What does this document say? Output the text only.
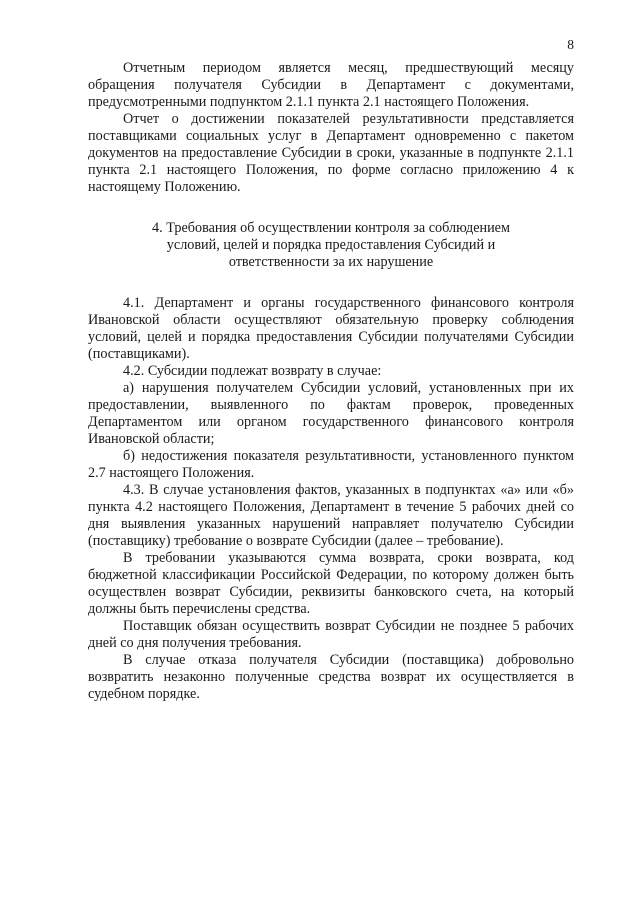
8

Отчетным периодом является месяц, предшествующий месяцу обращения получателя Субсидии в Департамент с документами, предусмотренными подпунктом 2.1.1 пункта 2.1 настоящего Положения.

Отчет о достижении показателей результативности представляется поставщиками социальных услуг в Департамент одновременно с пакетом документов на предоставление Субсидии в сроки, указанные в подпункте 2.1.1 пункта 2.1 настоящего Положения, по форме согласно приложению 4 к настоящему Положению.

4. Требования об осуществлении контроля за соблюдением
условий, целей и порядка предоставления Субсидий и
ответственности за их нарушение

4.1. Департамент и органы государственного финансового контроля Ивановской области осуществляют обязательную проверку соблюдения условий, целей и порядка предоставления Субсидии получателями Субсидии (поставщиками).

4.2. Субсидии подлежат возврату в случае:

а) нарушения получателем Субсидии условий, установленных при их предоставлении, выявленного по фактам проверок, проведенных Департаментом или органом государственного финансового контроля Ивановской области;

б) недостижения показателя результативности, установленного пунктом 2.7 настоящего Положения.

4.3. В случае установления фактов, указанных в подпунктах «а» или «б» пункта 4.2 настоящего Положения, Департамент в течение 5 рабочих дней со дня выявления указанных нарушений направляет получателю Субсидии (поставщику) требование о возврате Субсидии (далее – требование).

В требовании указываются сумма возврата, сроки возврата, код бюджетной классификации Российской Федерации, по которому должен быть осуществлен возврат Субсидии, реквизиты банковского счета, на который должны быть перечислены средства.

Поставщик обязан осуществить возврат Субсидии не позднее 5 рабочих дней со дня получения требования.

В случае отказа получателя Субсидии (поставщика) добровольно возвратить незаконно полученные средства возврат их осуществляется в судебном порядке.
